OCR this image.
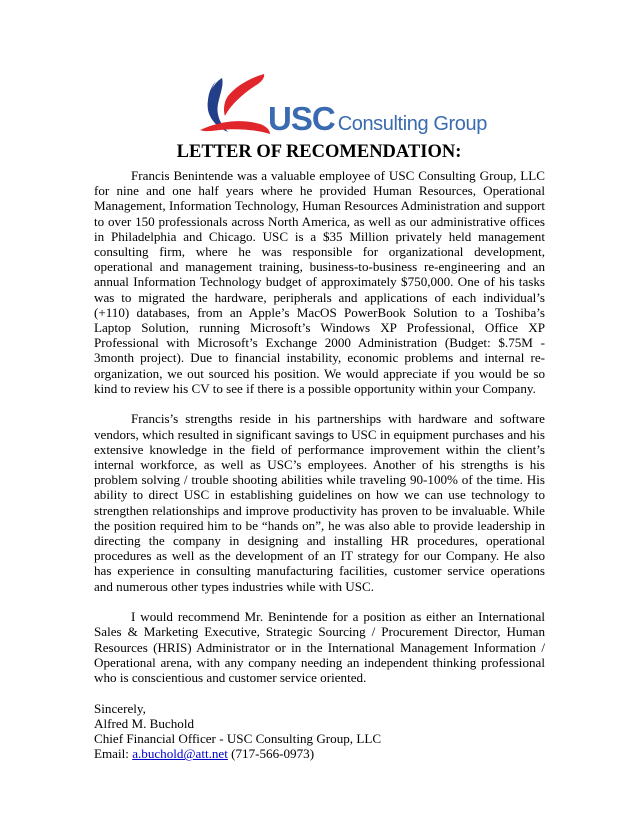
USC Consulting Group
LETTER OF RECOMENDATION:

Francis Benintende was a valuable employee of USC Consulting Group, LLC for nine and one half years where he provided Human Resources, Operational Management, Information Technology, Human Resources Administration and support to over 150 professionals across North America, as well as our administrative offices in Philadelphia and Chicago. USC is a $35 Million privately held management consulting firm, where he was responsible for organizational development, operational and management training, business-to-business re-engineering and an annual Information Technology budget of approximately $750,000. One of his tasks was to migrated the hardware, peripherals and applications of each individual’s (+110) databases, from an Apple’s MacOS PowerBook Solution to a Toshiba’s Laptop Solution, running Microsoft’s Windows XP Professional, Office XP Professional with Microsoft’s Exchange 2000 Administration (Budget: $.75M - 3month project). Due to financial instability, economic problems and internal re-organization, we out sourced his position. We would appreciate if you would be so kind to review his CV to see if there is a possible opportunity within your Company.

Francis’s strengths reside in his partnerships with hardware and software vendors, which resulted in significant savings to USC in equipment purchases and his extensive knowledge in the field of performance improvement within the client’s internal workforce, as well as USC’s employees. Another of his strengths is his problem solving / trouble shooting abilities while traveling 90-100% of the time. His ability to direct USC in establishing guidelines on how we can use technology to strengthen relationships and improve productivity has proven to be invaluable. While the position required him to be “hands on”, he was also able to provide leadership in directing the company in designing and installing HR procedures, operational procedures as well as the development of an IT strategy for our Company. He also has experience in consulting manufacturing facilities, customer service operations and numerous other types industries while with USC.

I would recommend Mr. Benintende for a position as either an International Sales & Marketing Executive, Strategic Sourcing / Procurement Director, Human Resources (HRIS) Administrator or in the International Management Information / Operational arena, with any company needing an independent thinking professional who is conscientious and customer service oriented.

Sincerely,
Alfred M. Buchold
Chief Financial Officer - USC Consulting Group, LLC
Email: a.buchold@att.net (717-566-0973)
